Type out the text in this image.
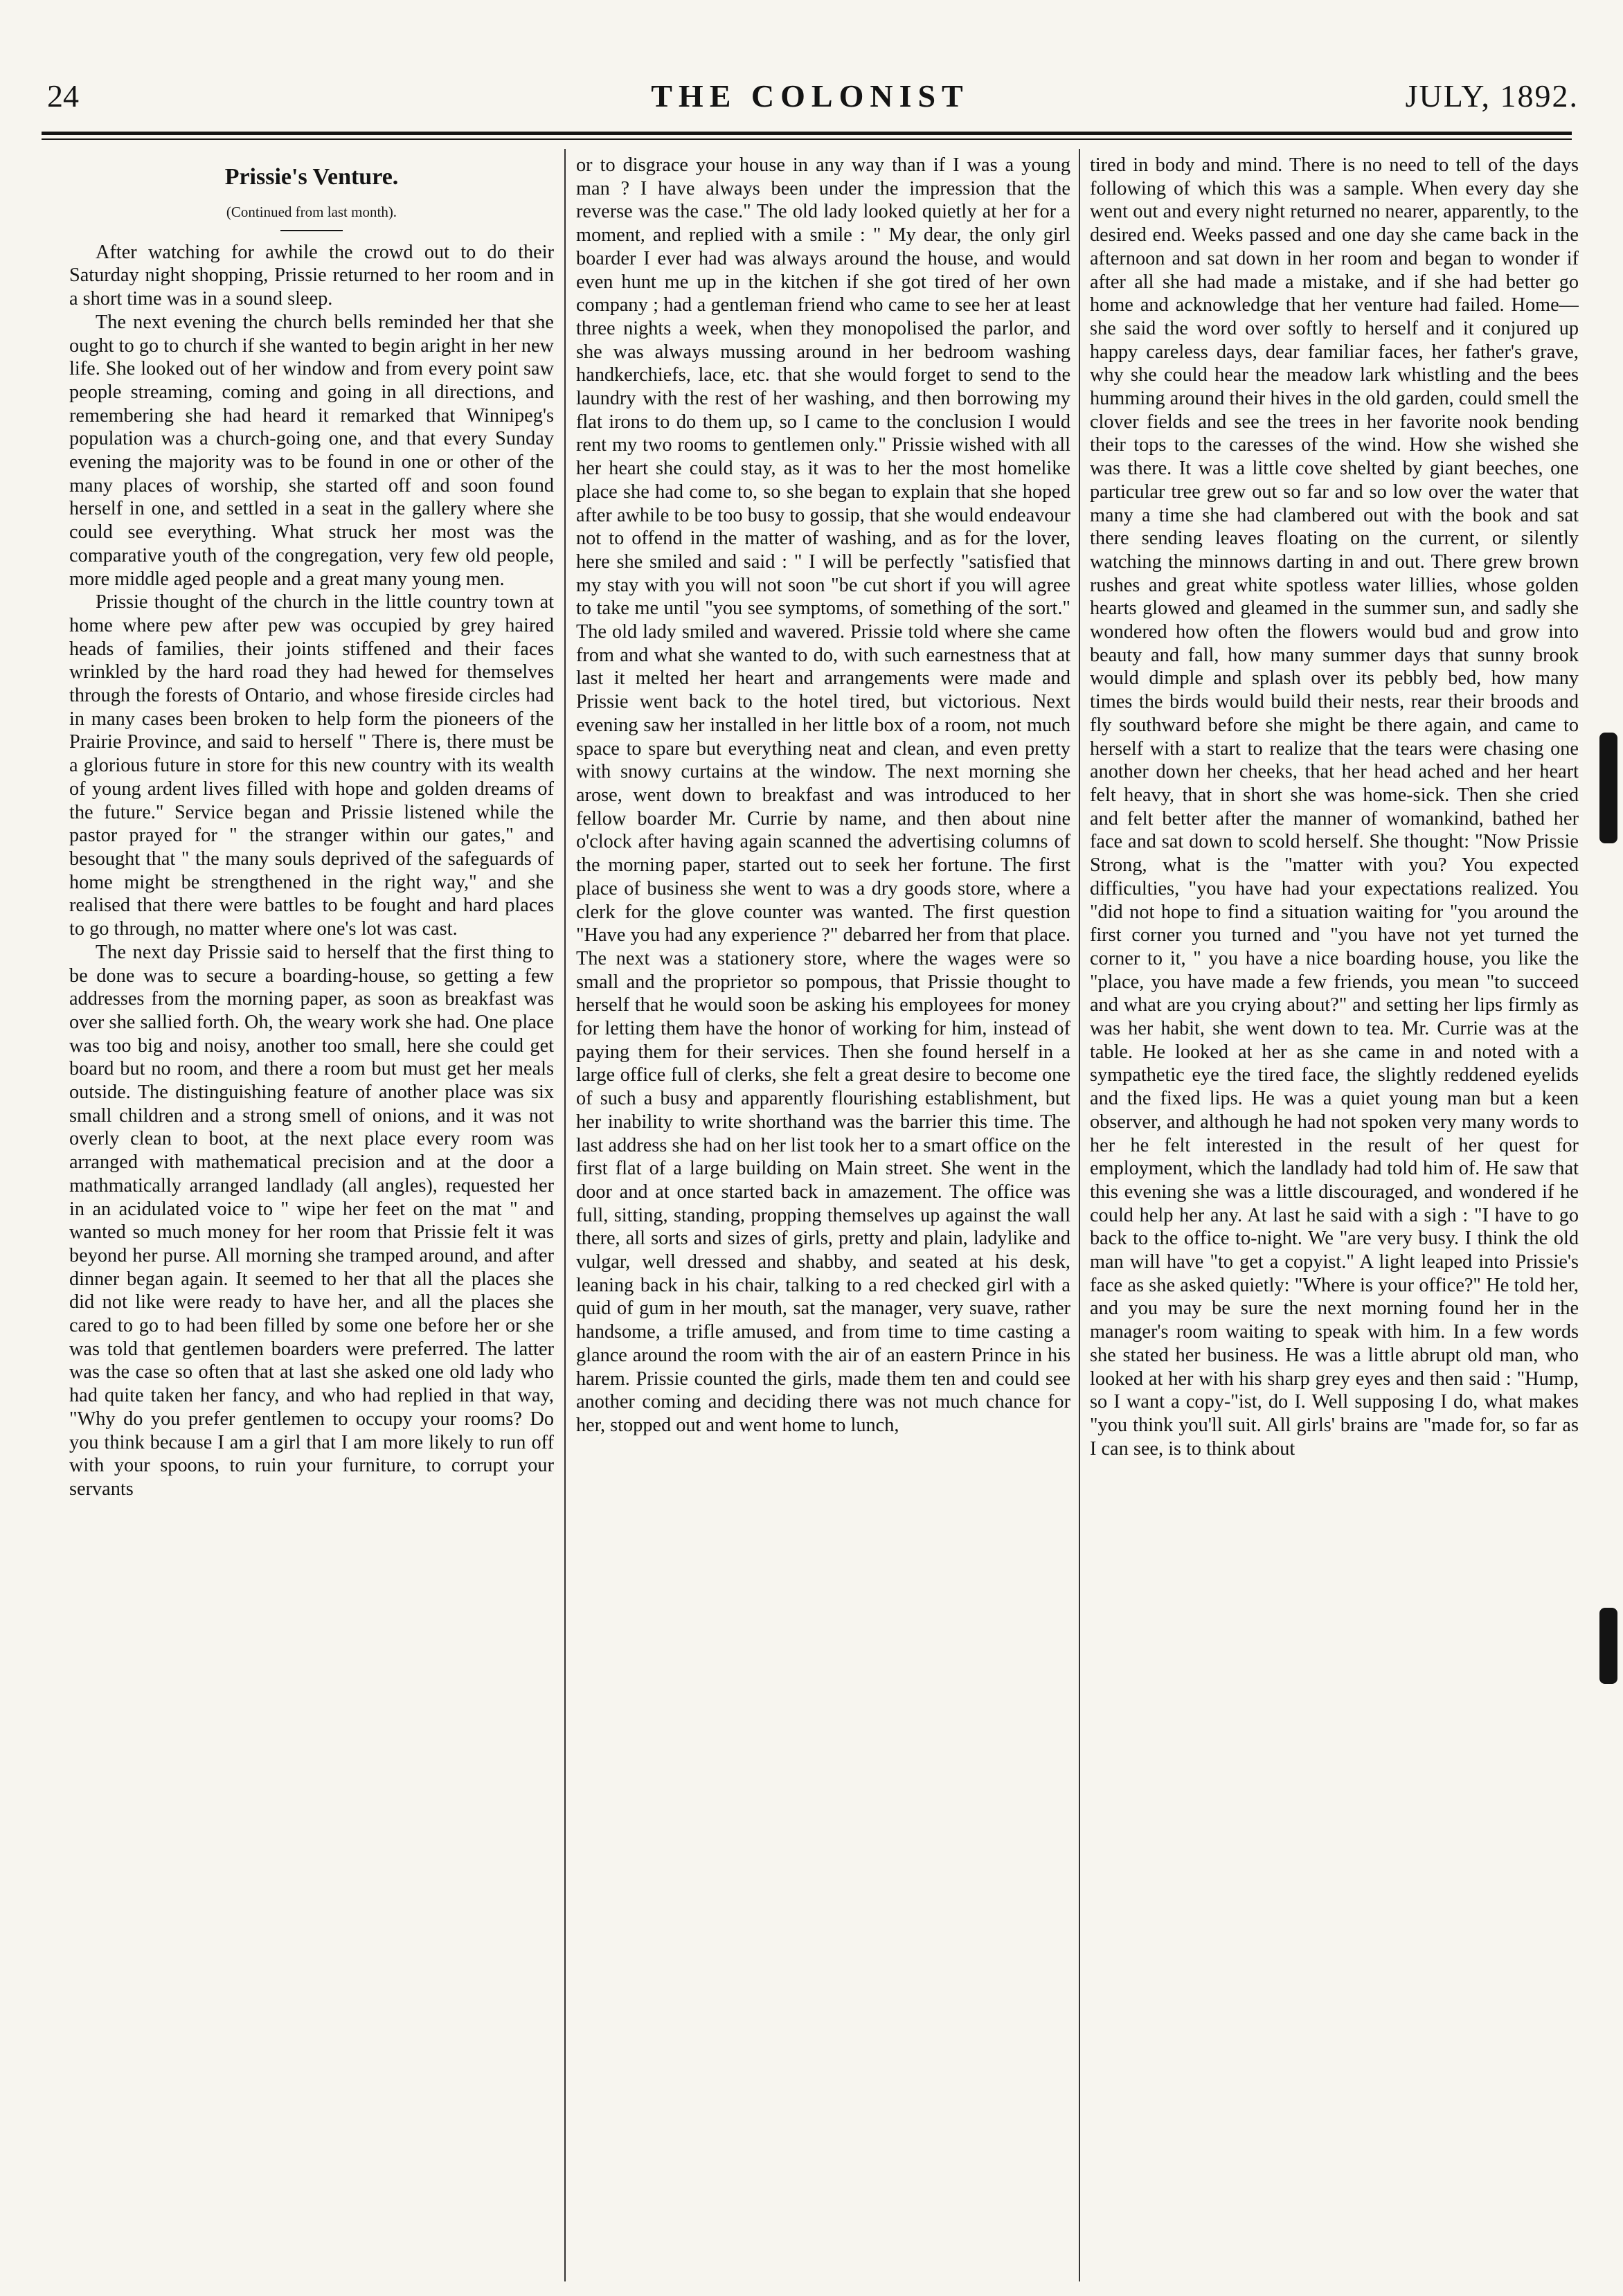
24	THE COLONIST	JULY, 1892.
Prissie's Venture.
(Continued from last month).

After watching for awhile the crowd out to do their Saturday night shopping, Prissie returned to her room and in a short time was in a sound sleep.

The next evening the church bells reminded her that she ought to go to church if she wanted to begin aright in her new life. She looked out of her window and from every point saw people streaming, coming and going in all directions, and remembering she had heard it remarked that Winnipeg's population was a church-going one, and that every Sunday evening the majority was to be found in one or other of the many places of worship, she started off and soon found herself in one, and settled in a seat in the gallery where she could see everything. What struck her most was the comparative youth of the congregation, very few old people, more middle aged people and a great many young men.

Prissie thought of the church in the little country town at home where pew after pew was occupied by grey haired heads of families, their joints stiffened and their faces wrinkled by the hard road they had hewed for themselves through the forests of Ontario, and whose fireside circles had in many cases been broken to help form the pioneers of the Prairie Province, and said to herself " There is, there must be a glorious future in store for this new country with its wealth of young ardent lives filled with hope and golden dreams of the future." Service began and Prissie listened while the pastor prayed for " the stranger within our gates," and besought that " the many souls deprived of the safeguards of home might be strengthened in the right way," and she realised that there were battles to be fought and hard places to go through, no matter where one's lot was cast.

The next day Prissie said to herself that the first thing to be done was to secure a boarding-house, so getting a few addresses from the morning paper, as soon as breakfast was over she sallied forth. Oh, the weary work she had. One place was too big and noisy, another too small, here she could get board but no room, and there a room but must get her meals outside. The distinguishing feature of another place was six small children and a strong smell of onions, and it was not overly clean to boot, at the next place every room was arranged with mathematical precision and at the door a mathmatically arranged landlady (all angles), requested her in an acidulated voice to " wipe her feet on the mat " and wanted so much money for her room that Prissie felt it was beyond her purse. All morning she tramped around, and after dinner began again. It seemed to her that all the places she did not like were ready to have her, and all the places she cared to go to had been filled by some one before her or she was told that gentlemen boarders were preferred. The latter was the case so often that at last she asked one old lady who had quite taken her fancy, and who had replied in that way, "Why do you prefer gentlemen to occupy your rooms? Do you think because I am a girl that I am more likely to run off with your spoons, to ruin your furniture, to corrupt your servants

or to disgrace your house in any way than if I was a young man ? I have always been under the impression that the reverse was the case." The old lady looked quietly at her for a moment, and replied with a smile : " My dear, the only girl boarder I ever had was always around the house, and would even hunt me up in the kitchen if she got tired of her own company ; had a gentleman friend who came to see her at least three nights a week, when they monopolised the parlor, and she was always mussing around in her bedroom washing handkerchiefs, lace, etc. that she would forget to send to the laundry with the rest of her washing, and then borrowing my flat irons to do them up, so I came to the conclusion I would rent my two rooms to gentlemen only." Prissie wished with all her heart she could stay, as it was to her the most homelike place she had come to, so she began to explain that she hoped after awhile to be too busy to gossip, that she would endeavour not to offend in the matter of washing, and as for the lover, here she smiled and said : " I will be perfectly "satisfied that my stay with you will not soon "be cut short if you will agree to take me until "you see symptoms, of something of the sort." The old lady smiled and wavered. Prissie told where she came from and what she wanted to do, with such earnestness that at last it melted her heart and arrangements were made and Prissie went back to the hotel tired, but victorious. Next evening saw her installed in her little box of a room, not much space to spare but everything neat and clean, and even pretty with snowy curtains at the window. The next morning she arose, went down to breakfast and was introduced to her fellow boarder Mr. Currie by name, and then about nine o'clock after having again scanned the advertising columns of the morning paper, started out to seek her fortune. The first place of business she went to was a dry goods store, where a clerk for the glove counter was wanted. The first question "Have you had any experience ?" debarred her from that place. The next was a stationery store, where the wages were so small and the proprietor so pompous, that Prissie thought to herself that he would soon be asking his employees for money for letting them have the honor of working for him, instead of paying them for their services. Then she found herself in a large office full of clerks, she felt a great desire to become one of such a busy and apparently flourishing establishment, but her inability to write shorthand was the barrier this time. The last address she had on her list took her to a smart office on the first flat of a large building on Main street. She went in the door and at once started back in amazement. The office was full, sitting, standing, propping themselves up against the wall there, all sorts and sizes of girls, pretty and plain, ladylike and vulgar, well dressed and shabby, and seated at his desk, leaning back in his chair, talking to a red checked girl with a quid of gum in her mouth, sat the manager, very suave, rather handsome, a trifle amused, and from time to time casting a glance around the room with the air of an eastern Prince in his harem. Prissie counted the girls, made them ten and could see another coming and deciding there was not much chance for her, stopped out and went home to lunch,

tired in body and mind. There is no need to tell of the days following of which this was a sample. When every day she went out and every night returned no nearer, apparently, to the desired end. Weeks passed and one day she came back in the afternoon and sat down in her room and began to wonder if after all she had made a mistake, and if she had better go home and acknowledge that her venture had failed. Home—she said the word over softly to herself and it conjured up happy careless days, dear familiar faces, her father's grave, why she could hear the meadow lark whistling and the bees humming around their hives in the old garden, could smell the clover fields and see the trees in her favorite nook bending their tops to the caresses of the wind. How she wished she was there. It was a little cove shelted by giant beeches, one particular tree grew out so far and so low over the water that many a time she had clambered out with the book and sat there sending leaves floating on the current, or silently watching the minnows darting in and out. There grew brown rushes and great white spotless water lillies, whose golden hearts glowed and gleamed in the summer sun, and sadly she wondered how often the flowers would bud and grow into beauty and fall, how many summer days that sunny brook would dimple and splash over its pebbly bed, how many times the birds would build their nests, rear their broods and fly southward before she might be there again, and came to herself with a start to realize that the tears were chasing one another down her cheeks, that her head ached and her heart felt heavy, that in short she was home-sick. Then she cried and felt better after the manner of womankind, bathed her face and sat down to scold herself. She thought: "Now Prissie Strong, what is the "matter with you? You expected difficulties, "you have had your expectations realized. You "did not hope to find a situation waiting for "you around the first corner you turned and "you have not yet turned the corner to it, " you have a nice boarding house, you like the "place, you have made a few friends, you mean "to succeed and what are you crying about?" and setting her lips firmly as was her habit, she went down to tea. Mr. Currie was at the table. He looked at her as she came in and noted with a sympathetic eye the tired face, the slightly reddened eyelids and the fixed lips. He was a quiet young man but a keen observer, and although he had not spoken very many words to her he felt interested in the result of her quest for employment, which the landlady had told him of. He saw that this evening she was a little discouraged, and wondered if he could help her any. At last he said with a sigh : "I have to go back to the office to-night. We "are very busy. I think the old man will have "to get a copyist." A light leaped into Prissie's face as she asked quietly: "Where is your office?" He told her, and you may be sure the next morning found her in the manager's room waiting to speak with him. In a few words she stated her business. He was a little abrupt old man, who looked at her with his sharp grey eyes and then said : "Hump, so I want a copy-"ist, do I. Well supposing I do, what makes "you think you'll suit. All girls' brains are "made for, so far as I can see, is to think about
